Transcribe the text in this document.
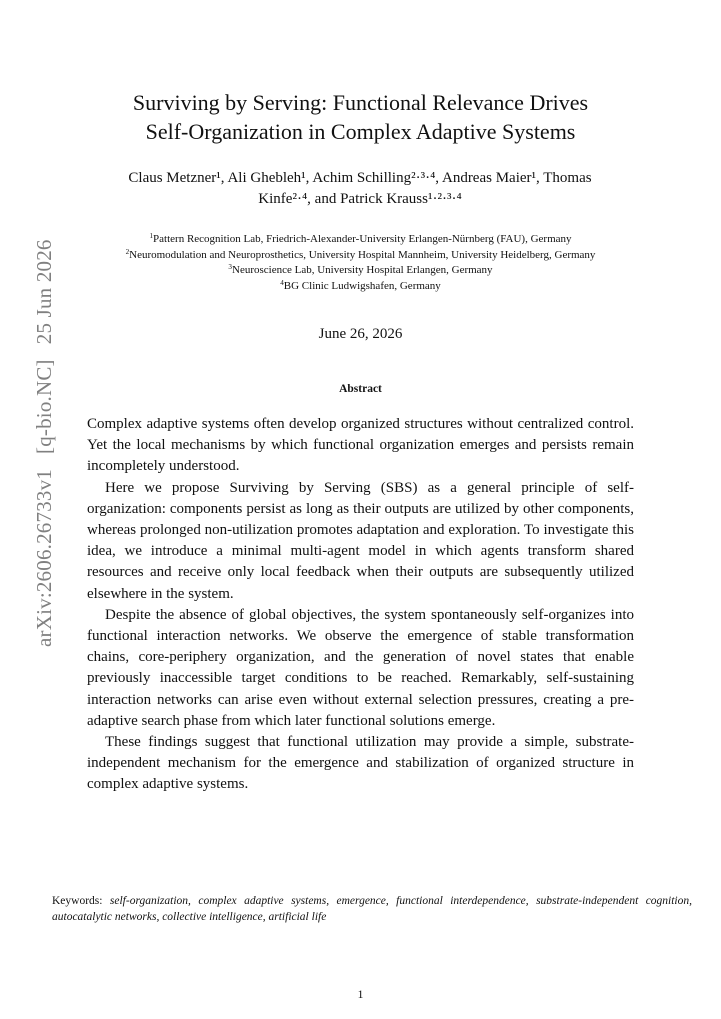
arXiv:2606.26733v1[q-bio.NC]25 Jun 2026
Surviving by Serving: Functional Relevance Drives
Self-Organization in Complex Adaptive Systems
Claus Metzner¹, Ali Ghebleh¹, Achim Schilling²·³·⁴, Andreas Maier¹, Thomas
Kinfe²·⁴, and Patrick Krauss¹·²·³·⁴
$^1$Pattern Recognition Lab, Friedrich-Alexander-University Erlangen-Nürnberg (FAU), Germany
$^2$Neuromodulation and Neuroprosthetics, University Hospital Mannheim, University Heidelberg, Germany
$^3$Neuroscience Lab, University Hospital Erlangen, Germany
$^4$BG Clinic Ludwigshafen, Germany
June 26, 2026
Abstract

Complex adaptive systems often develop organized structures without centralized control. Yet the local mechanisms by which functional organization emerges and persists remain incompletely understood.

Here we propose Surviving by Serving (SBS) as a general principle of self-organization: components persist as long as their outputs are utilized by other components, whereas prolonged non-utilization promotes adaptation and exploration. To investigate this idea, we introduce a minimal multi-agent model in which agents transform shared resources and receive only local feedback when their outputs are subsequently utilized elsewhere in the system.

Despite the absence of global objectives, the system spontaneously self-organizes into functional interaction networks. We observe the emergence of stable transformation chains, core-periphery organization, and the generation of novel states that enable previously inaccessible target conditions to be reached. Remarkably, self-sustaining interaction networks can arise even without external selection pressures, creating a pre-adaptive search phase from which later functional solutions emerge.

These findings suggest that functional utilization may provide a simple, substrate-independent mechanism for the emergence and stabilization of organized structure in complex adaptive systems.

Keywords: self-organization, complex adaptive systems, emergence, functional interdependence, substrate-independent cognition, autocatalytic networks, collective intelligence, artificial life
1
